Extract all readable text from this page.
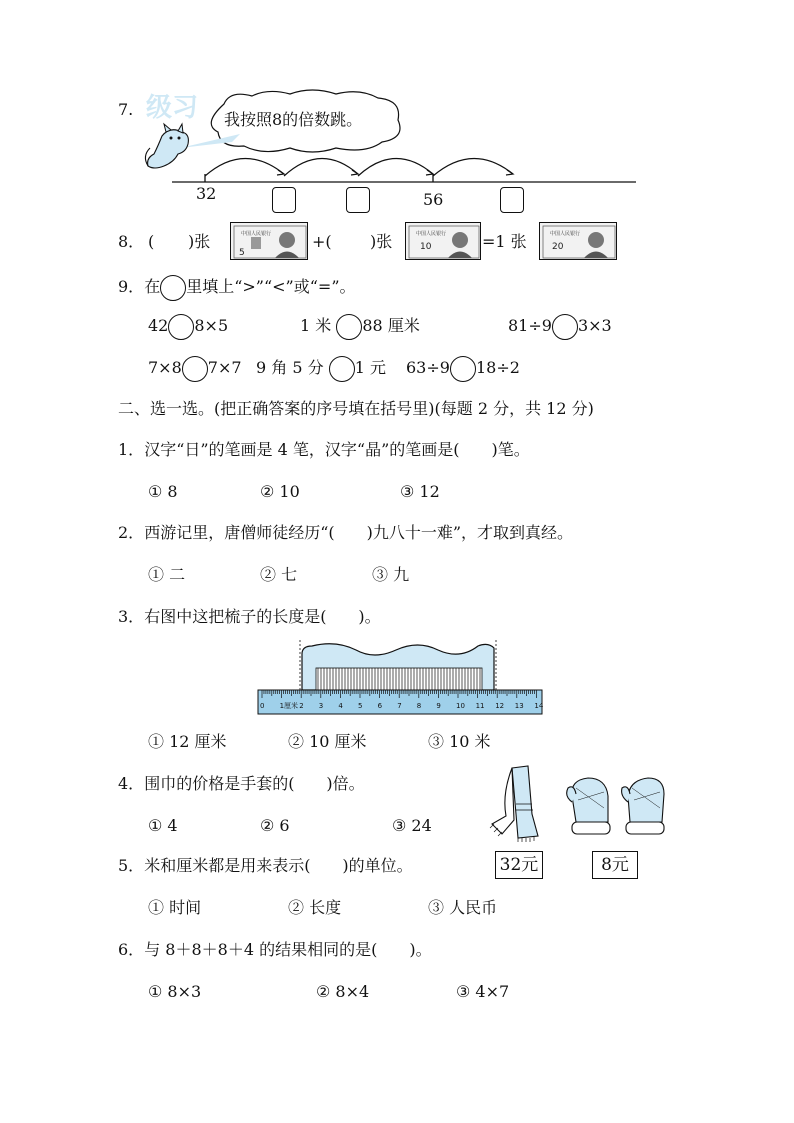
7. 级习 我按照8的倍数跳。
32	56
8． ( )张	+( )张	=1 张
中国人民银行
5
中国人民银行
10
中国人民银行
20
9．在 里填上“>”“<”或“=”。
42 8×5	1 米 88 厘米	81÷9 3×3
7×8 7×7 9 角 5 分 1 元 63÷9 18÷2
二、选一选。(把正确答案的序号填在括号里)(每题 2 分，共 12 分)
1．汉字“日”的笔画是 4 笔，汉字“晶”的笔画是(　　)笔。
① 8	② 10	③ 12
2．西游记里，唐僧师徒经历“(　　)九八十一难”，才取到真经。
① 二	② 七	③ 九
3．右图中这把梳子的长度是(　　)。
0 1厘米 2 3 4 5 6 7 8 9 10 11 12 13 14
① 12 厘米	② 10 厘米	③ 10 米
4．围巾的价格是手套的(　　)倍。
① 4	② 6	③ 24
5．米和厘米都是用来表示(　　)的单位。	32元	8元
① 时间	② 长度	③ 人民币
6．与 8＋8＋8＋4 的结果相同的是(　　)。
① 8×3	② 8×4	③ 4×7
